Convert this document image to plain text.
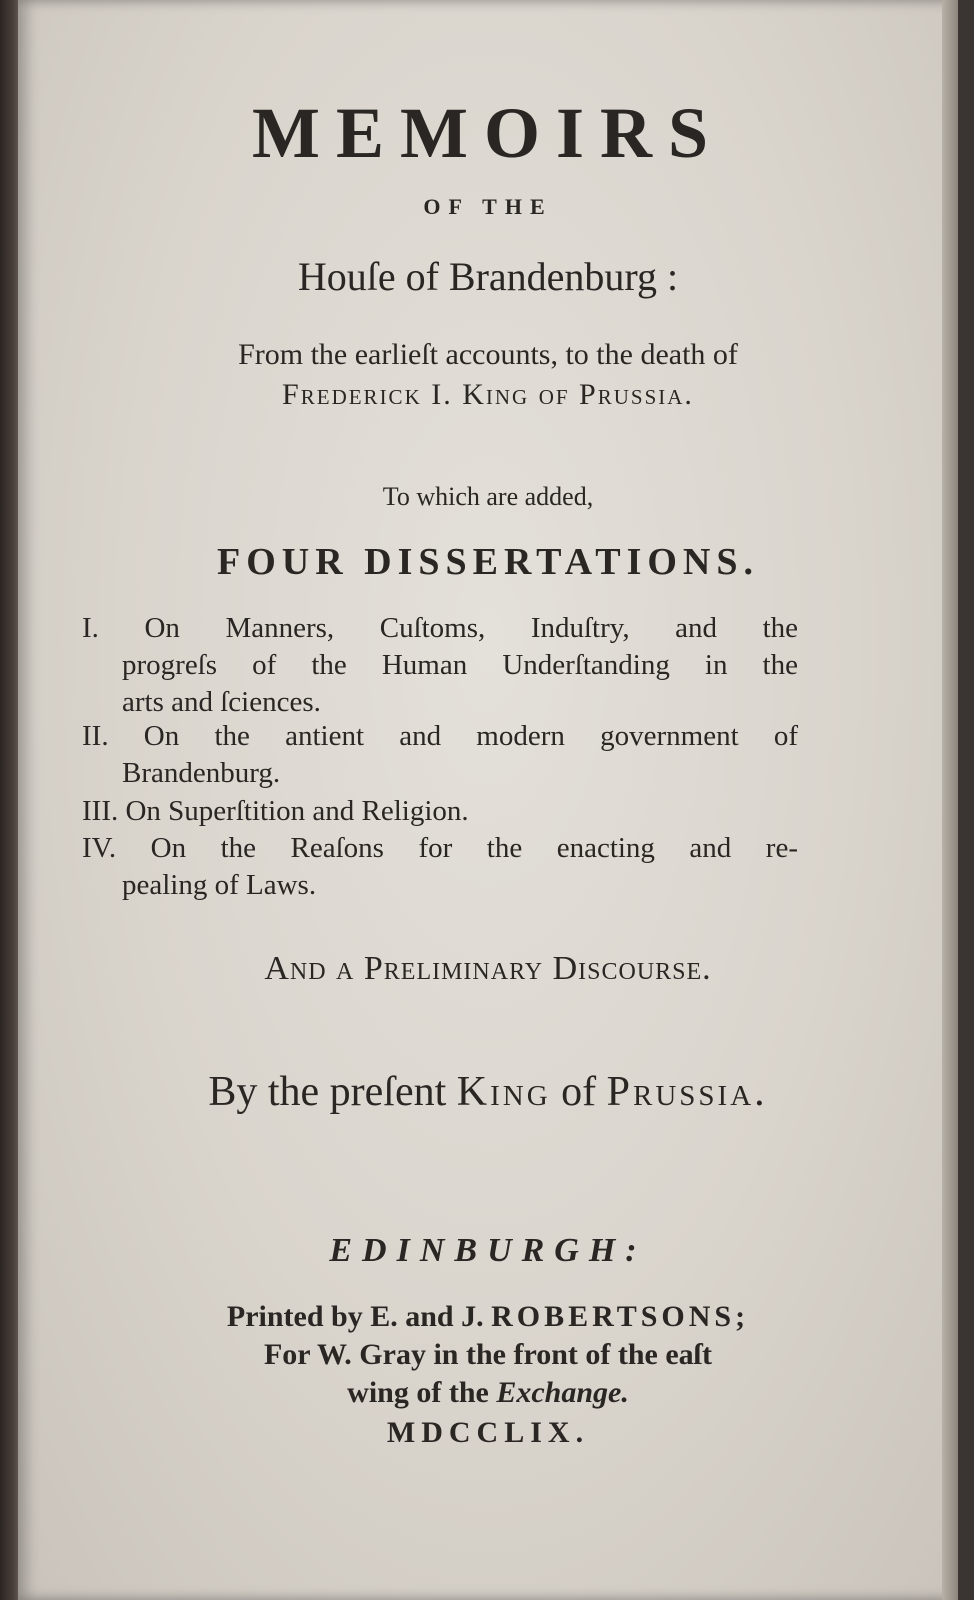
MEMOIRS
OF THE
Houſe of Brandenburg :
From the earlieſt accounts, to the death of
Frederick I. King of Prussia.
To which are added,
FOUR DISSERTATIONS.
I. On Manners, Cuſtoms, Induſtry, and the
progreſs of the Human Underſtanding in the
arts and ſciences.
II. On the antient and modern government of
Brandenburg.
III. On Superſtition and Religion.
IV. On the Reaſons for the enacting and re-
pealing of Laws.
And a Preliminary Discourse.
By the preſent King of Prussia.
EDINBURGH:
Printed by E. and J. ROBERTSONS;
For W. Gray in the front of the eaſt
wing of the Exchange.
MDCCLIX.
